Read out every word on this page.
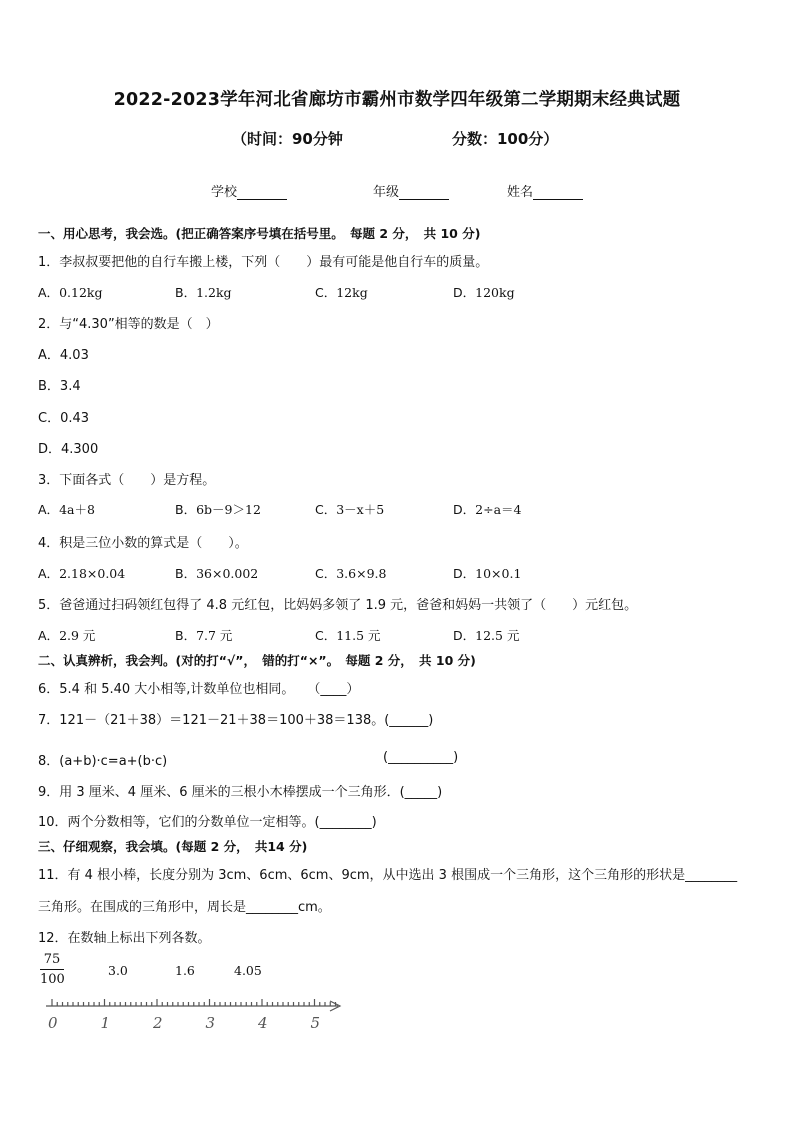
2022-2023学年河北省廊坊市霸州市数学四年级第二学期期末经典试题
（时间：90分钟	分数：100分）
学校	年级	姓名
一、用心思考，我会选。(把正确答案序号填在括号里。　每题 2 分，　共 10 分)
1．李叔叔要把他的自行车搬上楼，下列（　　）最有可能是他自行车的质量。
A．0.12kg	B．1.2kg	C．12kg	D．120kg
2．与“4.30”相等的数是（　）
A．4.03
B．3.4
C．0.43
D．4.300
3．下面各式（　　）是方程。
A．4a＋8	B．6b－9＞12	C．3－x＋5	D．2÷a＝4
4．积是三位小数的算式是（　　）。
A．2.18×0.04	B．36×0.002	C．3.6×9.8	D．10×0.1
5．爸爸通过扫码领红包得了 4.8 元红包，比妈妈多领了 1.9 元，爸爸和妈妈一共领了（　　）元红包。
A．2.9 元	B．7.7 元	C．11.5 元	D．12.5 元
二、认真辨析，我会判。(对的打“√”，　错的打“×”。　每题 2 分，　共 10 分)
6．5.4 和 5.40 大小相等,计数单位也相同。　　（____）
7．121－（21＋38）＝121－21＋38＝100＋38＝138。(______)
8．(a+b)·c=a+(b·c)	(__________)
9．用 3 厘米、4 厘米、6 厘米的三根小木棒摆成一个三角形．(_____)
10．两个分数相等，它们的分数单位一定相等。(________)
三、仔细观察，我会填。(每题 2 分，　共14 分)
11．有 4 根小棒，长度分别为 3cm、6cm、6cm、9cm，从中选出 3 根围成一个三角形，这个三角形的形状是________
三角形。在围成的三角形中，周长是________cm。
12．在数轴上标出下列各数。
75
100
3.0	1.6	4.05
0	1	2	3	4	5
